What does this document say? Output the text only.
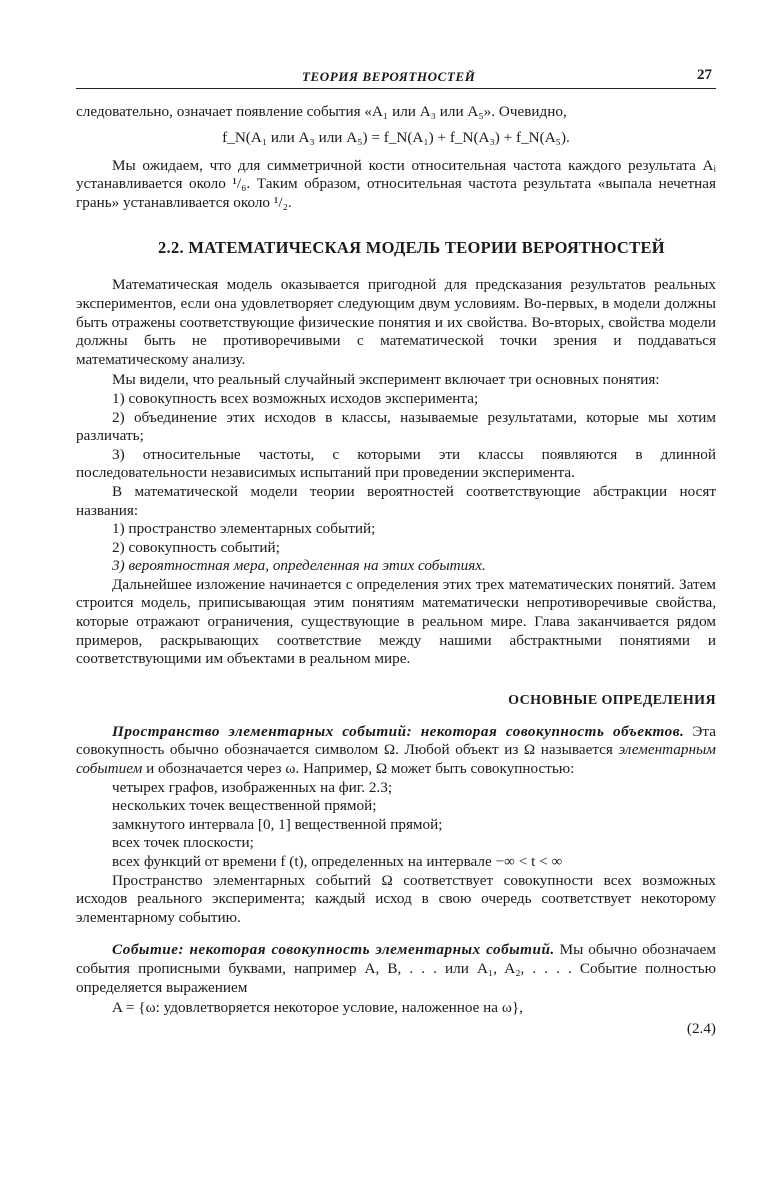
ТЕОРИЯ ВЕРОЯТНОСТЕЙ	27

следовательно, означает появление события «A₁ или A₃ или A₅». Очевидно,

f_N(A₁ или A₃ или A₅) = f_N(A₁) + f_N(A₃) + f_N(A₅).

Мы ожидаем, что для симметричной кости относительная частота каждого результата Aᵢ устанавливается около ¹/₆. Таким образом, относительная частота результата «выпала нечетная грань» устанавливается около ¹/₂.

2.2. МАТЕМАТИЧЕСКАЯ МОДЕЛЬ ТЕОРИИ ВЕРОЯТНОСТЕЙ

Математическая модель оказывается пригодной для предсказания результатов реальных экспериментов, если она удовлетворяет следующим двум условиям. Во-первых, в модели должны быть отражены соответствующие физические понятия и их свойства. Во-вторых, свойства модели должны быть не противоречивыми с математической точки зрения и поддаваться математическому анализу.

Мы видели, что реальный случайный эксперимент включает три основных понятия:

1) совокупность всех возможных исходов эксперимента;

2) объединение этих исходов в классы, называемые результатами, которые мы хотим различать;

3) относительные частоты, с которыми эти классы появляются в длинной последовательности независимых испытаний при проведении эксперимента.

В математической модели теории вероятностей соответствующие абстракции носят названия:

1) пространство элементарных событий;

2) совокупность событий;

3) вероятностная мера, определенная на этих событиях.

Дальнейшее изложение начинается с определения этих трех математических понятий. Затем строится модель, приписывающая этим понятиям математически непротиворечивые свойства, которые отражают ограничения, существующие в реальном мире. Глава заканчивается рядом примеров, раскрывающих соответствие между нашими абстрактными понятиями и соответствующими им объектами в реальном мире.

ОСНОВНЫЕ ОПРЕДЕЛЕНИЯ

Пространство элементарных событий: некоторая совокупность объектов. Эта совокупность обычно обозначается символом Ω. Любой объект из Ω называется элементарным событием и обозначается через ω. Например, Ω может быть совокупностью:

четырех графов, изображенных на фиг. 2.3;

нескольких точек вещественной прямой;

замкнутого интервала [0, 1] вещественной прямой;

всех точек плоскости;

всех функций от времени f (t), определенных на интервале −∞ < t < ∞

Пространство элементарных событий Ω соответствует совокупности всех возможных исходов реального эксперимента; каждый исход в свою очередь соответствует некоторому элементарному событию.

Событие: некоторая совокупность элементарных событий. Мы обычно обозначаем события прописными буквами, например A, B, . . . или A₁, A₂, . . . . Событие полностью определяется выражением

A = {ω: удовлетворяется некоторое условие, наложенное на ω},

(2.4)
